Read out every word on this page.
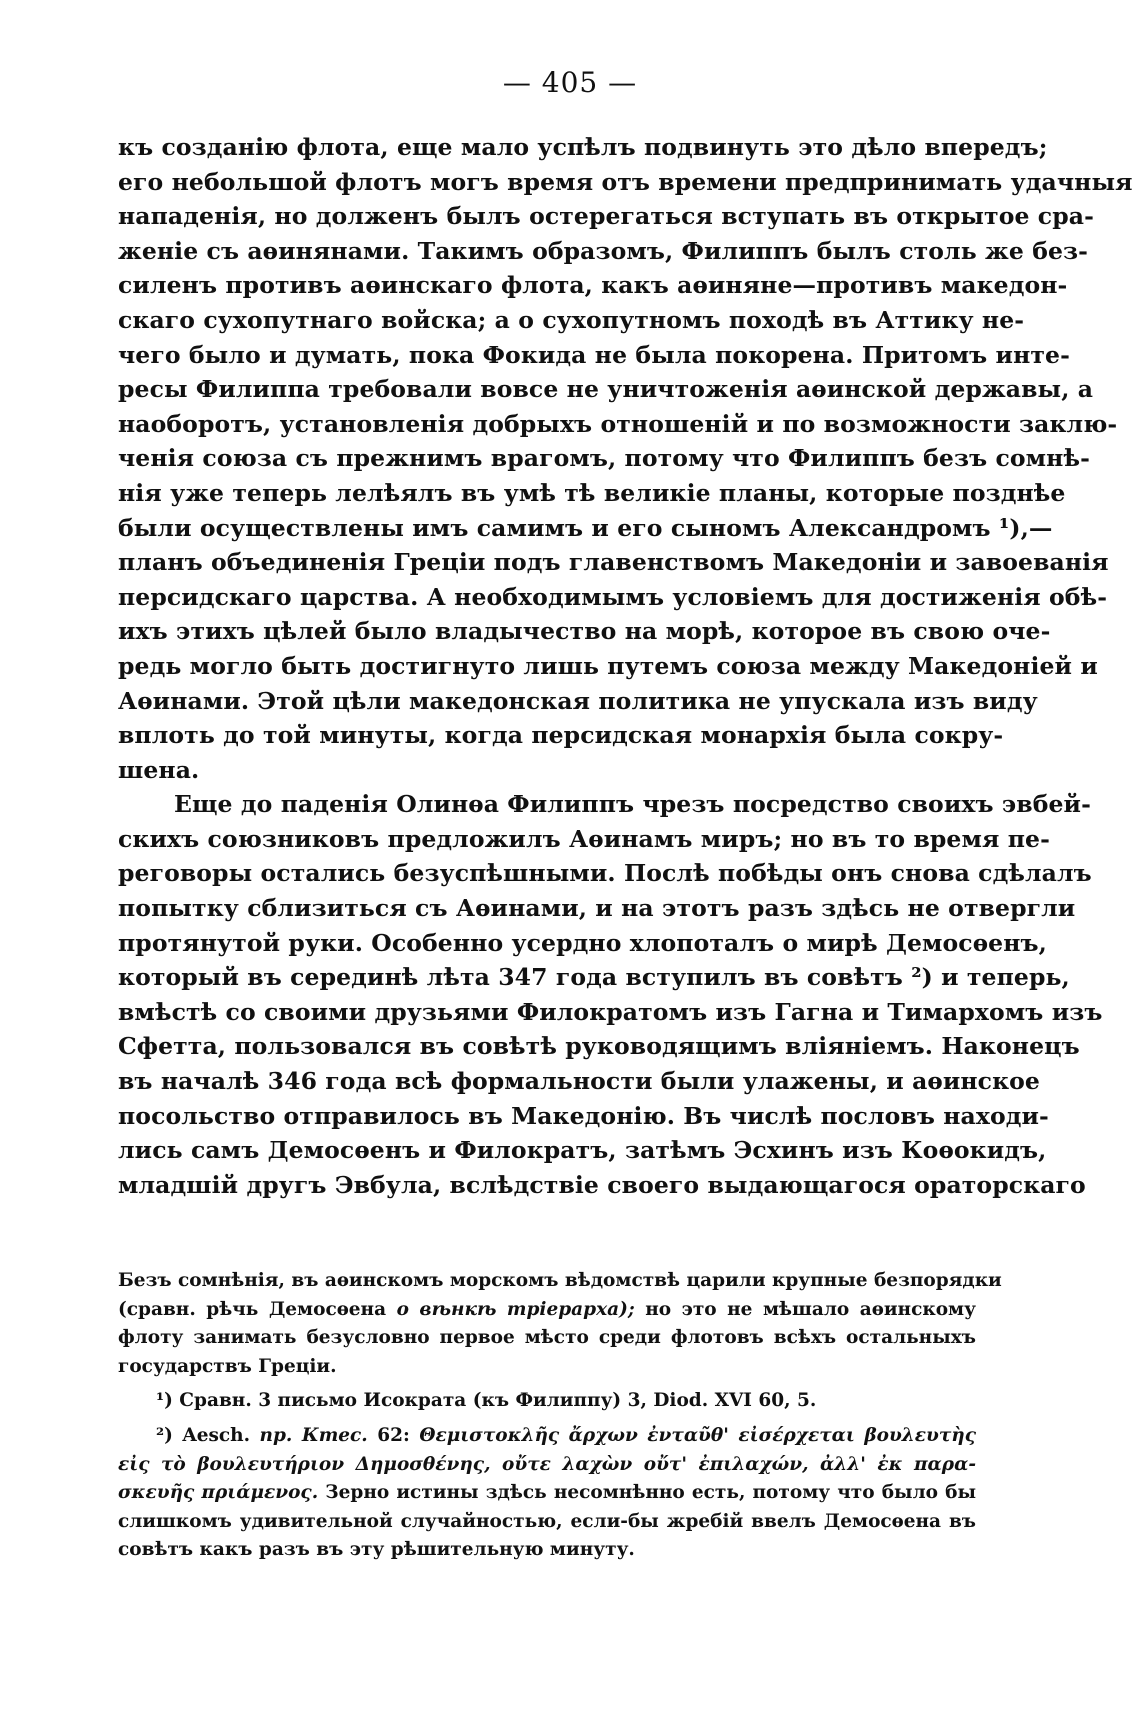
— 405 —
къ созданію флота, еще мало успѣлъ подвинуть это дѣло впередъ;
его небольшой флотъ могъ время отъ времени предпринимать удачныя
нападенія, но долженъ былъ остерегаться вступать въ открытое сра-
женіе съ аѳинянами. Такимъ образомъ, Филиппъ былъ столь же без-
силенъ противъ аѳинскаго флота, какъ аѳиняне—противъ македон-
скаго сухопутнаго войска; а о сухопутномъ походѣ въ Аттику не-
чего было и думать, пока Фокида не была покорена. Притомъ инте-
ресы Филиппа требовали вовсе не уничтоженія аѳинской державы, а
наоборотъ, установленія добрыхъ отношеній и по возможности заклю-
ченія союза съ прежнимъ врагомъ, потому что Филиппъ безъ сомнѣ-
нія уже теперь лелѣялъ въ умѣ тѣ великіе планы, которые позднѣе
были осуществлены имъ самимъ и его сыномъ Александромъ ¹),—
планъ объединенія Греціи подъ главенствомъ Македоніи и завоеванія
персидскаго царства. А необходимымъ условіемъ для достиженія обѣ-
ихъ этихъ цѣлей было владычество на морѣ, которое въ свою оче-
редь могло быть достигнуто лишь путемъ союза между Македоніей и
Аѳинами. Этой цѣли македонская политика не упускала изъ виду
вплоть до той минуты, когда персидская монархія была сокру-
шена.
Еще до паденія Олинѳа Филиппъ чрезъ посредство своихъ эвбей-
скихъ союзниковъ предложилъ Аѳинамъ миръ; но въ то время пе-
реговоры остались безуспѣшными. Послѣ побѣды онъ снова сдѣлалъ
попытку сблизиться съ Аѳинами, и на этотъ разъ здѣсь не отвергли
протянутой руки. Особенно усердно хлопоталъ о мирѣ Демосѳенъ,
который въ серединѣ лѣта 347 года вступилъ въ совѣтъ ²) и теперь,
вмѣстѣ со своими друзьями Филократомъ изъ Гагна и Тимархомъ изъ
Сфетта, пользовался въ совѣтѣ руководящимъ вліяніемъ. Наконецъ
въ началѣ 346 года всѣ формальности были улажены, и аѳинское
посольство отправилось въ Македонію. Въ числѣ пословъ находи-
лись самъ Демосѳенъ и Филократъ, затѣмъ Эсхинъ изъ Коѳокидъ,
младшій другъ Эвбула, вслѣдствіе своего выдающагося ораторскаго
Безъ сомнѣнія, въ аѳинскомъ морскомъ вѣдомствѣ царили крупные безпорядки
(сравн. рѣчь Демосѳена о вѣнкѣ тріерарха); но это не мѣшало аѳинскому
флоту занимать безусловно первое мѣсто среди флотовъ всѣхъ остальныхъ
государствъ Греціи.
¹) Сравн. 3 письмо Исократа (къ Филиппу) 3, Diod. XVI 60, 5.
²) Aesch. пр. Ктес. 62: Θεμιστοκλῆς ἄρχων ἐνταῦθ' εἰσέρχεται βουλευτὴς
εἰς τὸ βουλευτήριον Δημοσθένης, οὔτε λαχὼν οὔτ' ἐπιλαχών, ἀλλ' ἐκ παρα-
σκευῆς πριάμενος. Зерно истины здѣсь несомнѣнно есть, потому что было бы
слишкомъ удивительной случайностью, если-бы жребій ввелъ Демосѳена въ
совѣтъ какъ разъ въ эту рѣшительную минуту.
